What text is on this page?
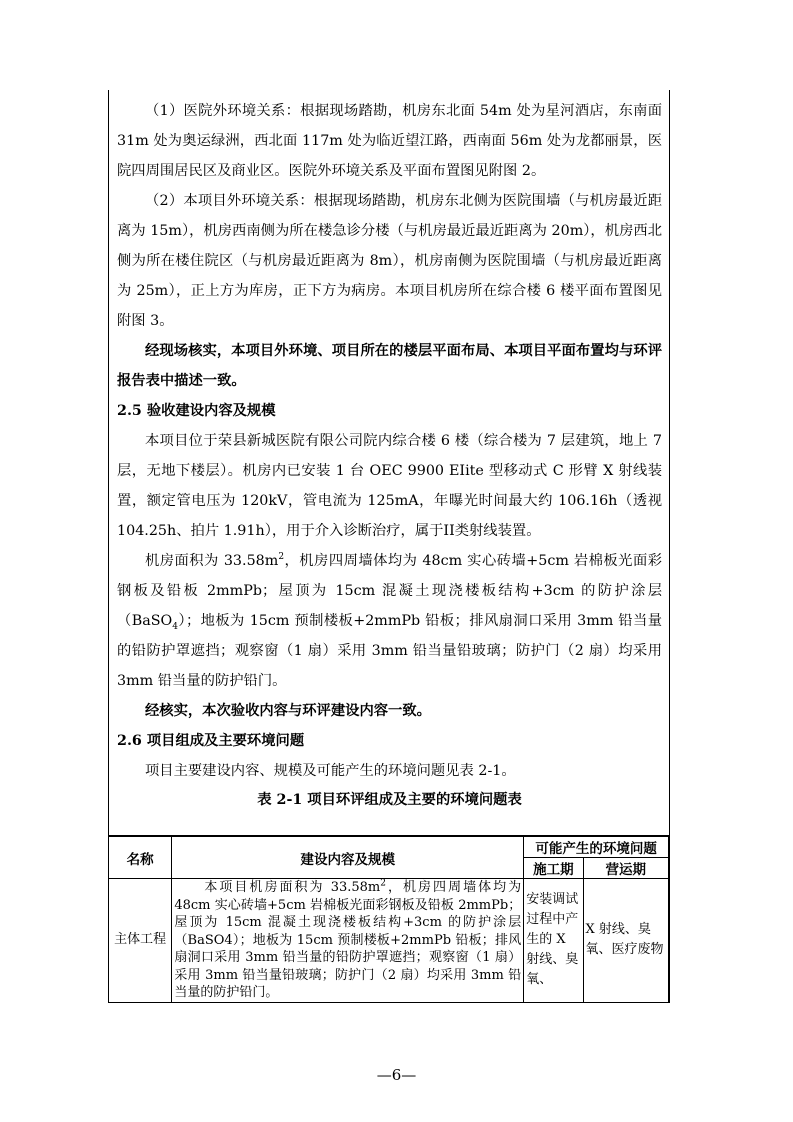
（1）医院外环境关系：根据现场踏勘，机房东北面 54m 处为星河酒店，东南面 31m 处为奥运绿洲，西北面 117m 处为临近望江路，西南面 56m 处为龙都丽景，医院四周围居民区及商业区。医院外环境关系及平面布置图见附图 2。
（2）本项目外环境关系：根据现场踏勘，机房东北侧为医院围墙（与机房最近距离为 15m），机房西南侧为所在楼急诊分楼（与机房最近最近距离为 20m），机房西北侧为所在楼住院区（与机房最近距离为 8m），机房南侧为医院围墙（与机房最近距离为 25m），正上方为库房，正下方为病房。本项目机房所在综合楼 6 楼平面布置图见附图 3。
经现场核实，本项目外环境、项目所在的楼层平面布局、本项目平面布置均与环评报告表中描述一致。
2.5 验收建设内容及规模
本项目位于荣县新城医院有限公司院内综合楼 6 楼（综合楼为 7 层建筑，地上 7 层，无地下楼层）。机房内已安装 1 台 OEC 9900 EIite 型移动式 C 形臂 X 射线装置，额定管电压为 120kV，管电流为 125mA，年曝光时间最大约 106.16h（透视 104.25h、拍片 1.91h），用于介入诊断治疗，属于II类射线装置。
机房面积为 $33.58m^2$，机房四周墙体均为 48cm 实心砖墙+5cm 岩棉板光面彩钢板及铅板 2mmPb；屋顶为 15cm 混凝土现浇楼板结构+3cm 的防护涂层（BaSO$_4$）；地板为 15cm 预制楼板+2mmPb 铅板；排风扇洞口采用 3mm 铅当量的铅防护罩遮挡；观察窗（1 扇）采用 3mm 铅当量铅玻璃；防护门（2 扇）均采用 3mm 铅当量的防护铅门。
经核实，本次验收内容与环评建设内容一致。
2.6 项目组成及主要环境问题
项目主要建设内容、规模及可能产生的环境问题见表 2-1。
表 2-1 项目环评组成及主要的环境问题表
名称	建设内容及规模	可能产生的环境问题	
		施工期	营运期
主体工程	本项目机房面积为 $33.58m^2$，机房四周墙体均为 48cm 实心砖墙+5cm 岩棉板光面彩钢板及铅板 2mmPb；屋顶为 15cm 混凝土现浇楼板结构+3cm 的防护涂层（BaSO4）；地板为 15cm 预制楼板+2mmPb 铅板；排风扇洞口采用 3mm 铅当量的铅防护罩遮挡；观察窗（1 扇）采用 3mm 铅当量铅玻璃；防护门（2 扇）均采用 3mm 铅当量的防护铅门。	安装调试过程中产生的 X 射线、臭氧、	X 射线、臭氧、医疗废物
—6—
